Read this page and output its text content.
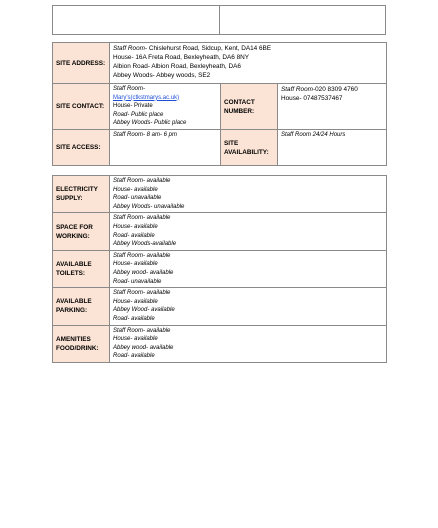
SITE ADDRESS:	Staff Room- Chislehurst Road, Sidcup, Kent, DA14 6BE
House- 16A Freta Road, Bexleyheath, DA6 8NY
Albion Road- Albion Road, Bexleyheath, DA6
Abbey Woods- Abbey woods, SE2		

SITE CONTACT:	Staff Room-
Mary's(ctkstmarys.ac.uk)
House- Private
Road- Public place
Abbey Woods- Public place	CONTACT NUMBER:	Staff Room-020 8309 4760
House- 07487537467

SITE ACCESS:	Staff Room- 8 am- 6 pm	SITE AVAILABILITY:	Staff Room 24/24 Hours
ELECTRICITY SUPPLY:	Staff Room- available
House- available
Road- unavailable
Abbey Woods- unavailable

SPACE FOR WORKING:	Staff Room- available
House- available
Road- available
Abbey Woods-available

AVAILABLE TOILETS:	Staff Room- available
House- available
Abbey wood- available
Road- unavailable

AVAILABLE PARKING:	Staff Room- available
House- available
Abbey Wood- available
Road- available

AMENITIES FOOD/DRINK:	Staff Room- available
House- available
Abbey wood- available
Road- available
